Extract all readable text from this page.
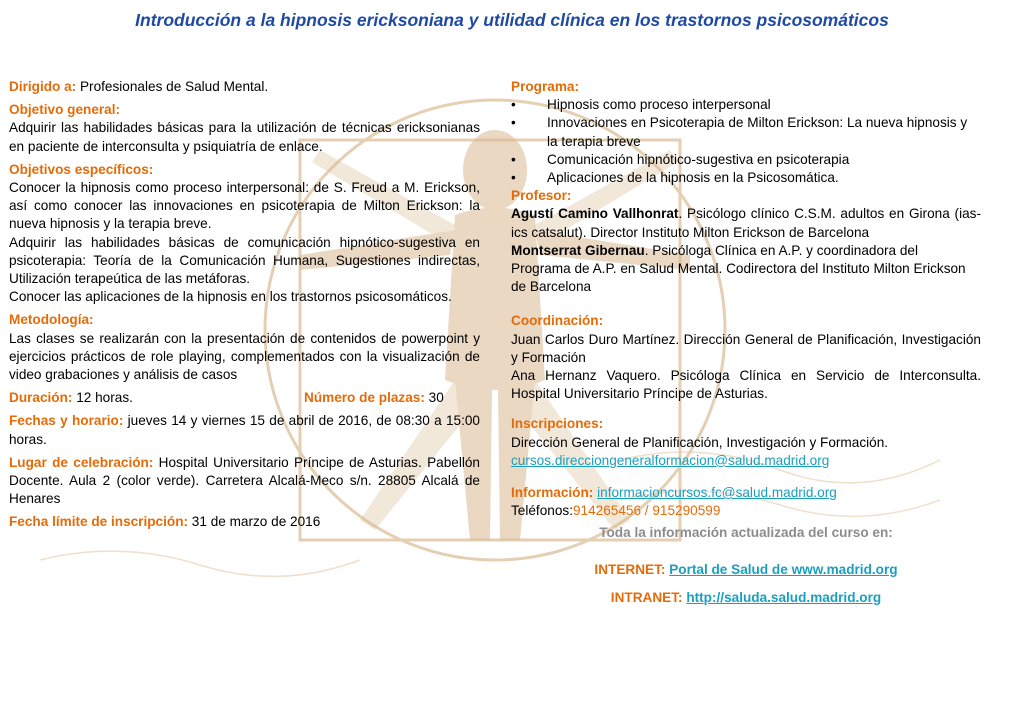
Introducción a la hipnosis ericksoniana y utilidad clínica en los trastornos psicosomáticos
Dirigido a: Profesionales de Salud Mental.
Objetivo general:
Adquirir las habilidades básicas para la utilización de técnicas ericksonianas en paciente de interconsulta y psiquiatría de enlace.
Objetivos específicos:
Conocer la hipnosis como proceso interpersonal: de S. Freud a M. Erickson, así como conocer las innovaciones en psicoterapia de Milton Erickson: la nueva hipnosis y la terapia breve.
Adquirir las habilidades básicas de comunicación hipnótico-sugestiva en psicoterapia: Teoría de la Comunicación Humana, Sugestiones indirectas, Utilización terapeútica de las metáforas.
Conocer las aplicaciones de la hipnosis en los trastornos psicosomáticos.
Metodología:
Las clases se realizarán con la presentación de contenidos de powerpoint y ejercicios prácticos de role playing, complementados con la visualización de video grabaciones y análisis de casos
Duración: 12 horas.	Número de plazas: 30
Fechas y horario: jueves 14 y viernes 15 de abril de 2016, de 08:30 a 15:00 horas.
Lugar de celebración: Hospital Universitario Príncipe de Asturias. Pabellón Docente. Aula 2 (color verde). Carretera Alcalá-Meco s/n. 28805 Alcalá de Henares
Fecha límite de inscripción: 31 de marzo de 2016
Programa:
• Hipnosis como proceso interpersonal
• Innovaciones en Psicoterapia de Milton Erickson: La nueva hipnosis y la terapia breve
• Comunicación hipnótico-sugestiva en psicoterapia
• Aplicaciones de la hipnosis en la Psicosomática.
Profesor:
Agustí Camino Vallhonrat. Psicólogo clínico C.S.M. adultos en Girona (ias-ics catsalut). Director Instituto Milton Erickson de Barcelona
Montserrat Gibernau. Psicóloga Clínica en A.P. y coordinadora del Programa de A.P. en Salud Mental. Codirectora del Instituto Milton Erickson de Barcelona
Coordinación:
Juan Carlos Duro Martínez. Dirección General de Planificación, Investigación y Formación
Ana Hernanz Vaquero. Psicóloga Clínica en Servicio de Interconsulta. Hospital Universitario Príncipe de Asturias.
Inscripciones:
Dirección General de Planificación, Investigación y Formación.
cursos.direcciongeneralformacion@salud.madrid.org
Información: informacioncursos.fc@salud.madrid.org
Teléfonos:914265456 / 915290599
Toda la información actualizada del curso en:
INTERNET: Portal de Salud de www.madrid.org
INTRANET: http://saluda.salud.madrid.org
